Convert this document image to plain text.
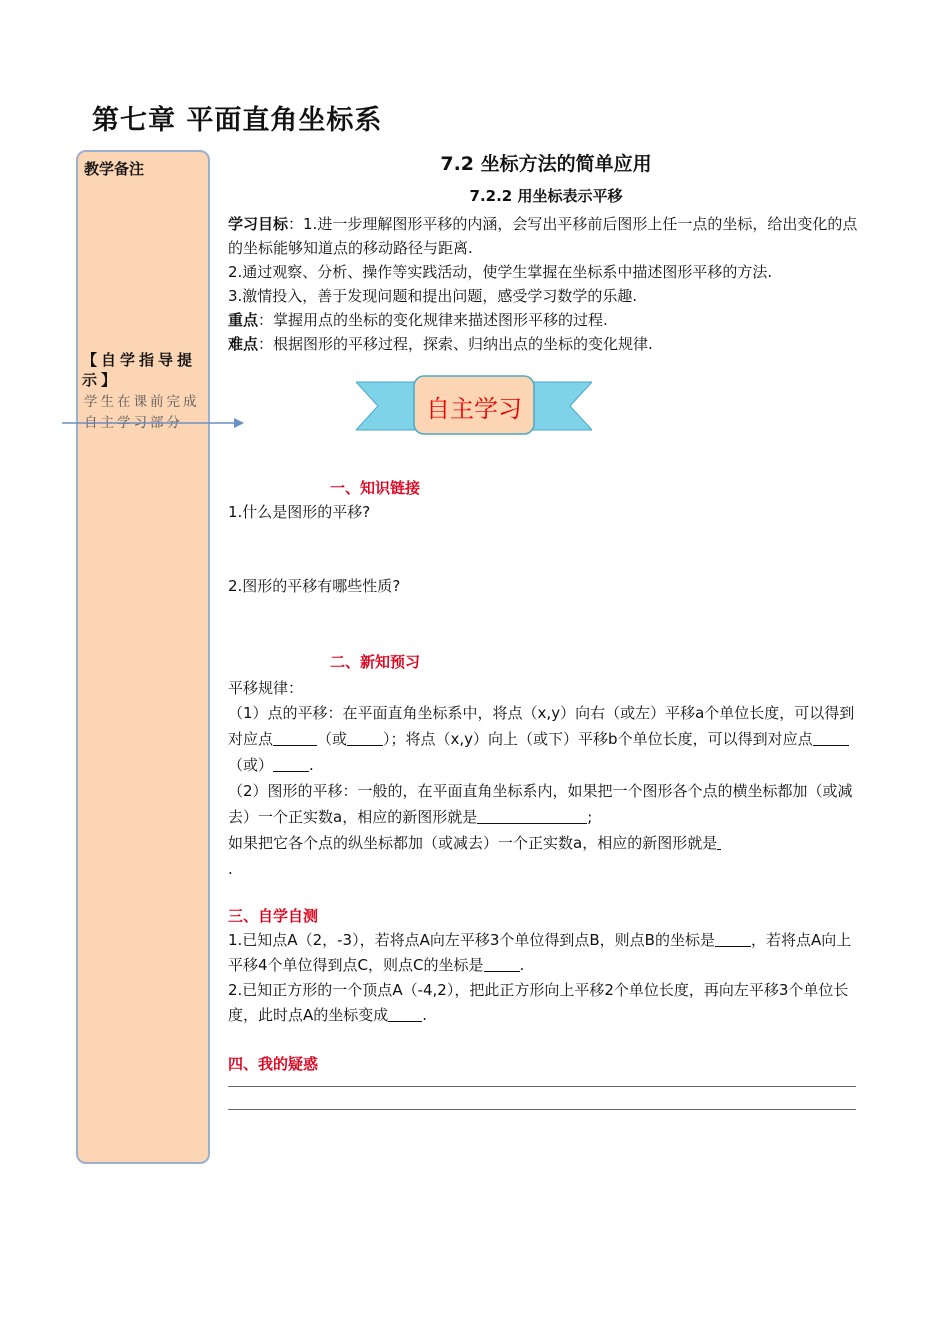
第七章 平面直角坐标系
教学备注
【自学指导提示】
学生在课前完成自主学习部分
7.2 坐标方法的简单应用
7.2.2 用坐标表示平移

学习目标：1.进一步理解图形平移的内涵，会写出平移前后图形上任一点的坐标，给出变化的点的坐标能够知道点的移动路径与距离.

2.通过观察、分析、操作等实践活动，使学生掌握在坐标系中描述图形平移的方法.

3.激情投入，善于发现问题和提出问题，感受学习数学的乐趣.

重点：掌握用点的坐标的变化规律来描述图形平移的过程.

难点：根据图形的平移过程，探索、归纳出点的坐标的变化规律.

自主学习
一、知识链接

1.什么是图形的平移?

2.图形的平移有哪些性质?

二、新知预习

平移规律：

（1）点的平移：在平面直角坐标系中，将点（x,y）向右（或左）平移a个单位长度，可以得到对应点	（或 ）；将点（x,y）向上（或下）平移b个单位长度，可以得到对应点（或） .

（2）图形的平移：一般的，在平面直角坐标系内，如果把一个图形各个点的横坐标都加（或减去）一个正实数a，相应的新图形就是	;

如果把它各个点的纵坐标都加（或减去）一个正实数a，相应的新图形就是
.

三、自学自测

1.已知点A（2，-3），若将点A向左平移3个单位得到点B，则点B的坐标是 ，若将点A向上平移4个单位得到点C，则点C的坐标是 .

2.已知正方形的一个顶点A（-4,2），把此正方形向上平移2个单位长度，再向左平移3个单位长度，此时点A的坐标变成 .

四、我的疑惑
